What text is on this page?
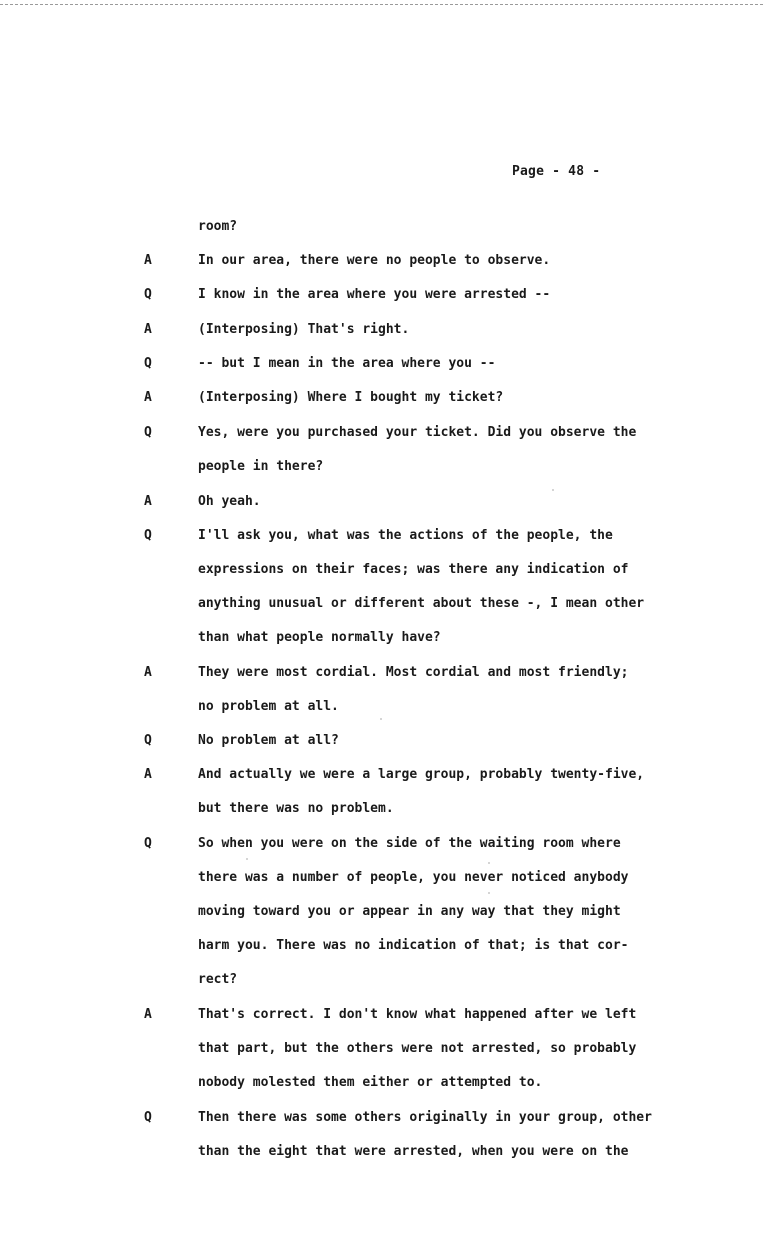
Page - 48 -
room?
A	In our area, there were no people to observe.
Q	I know in the area where you were arrested --
A	(Interposing) That's right.
Q	-- but I mean in the area where you --
A	(Interposing) Where I bought my ticket?
Q	Yes, were you purchased your ticket. Did you observe the
people in there?
A	Oh yeah.
Q	I'll ask you, what was the actions of the people, the
expressions on their faces; was there any indication of
anything unusual or different about these -, I mean other
than what people normally have?
A	They were most cordial. Most cordial and most friendly;
no problem at all.
Q	No problem at all?
A	And actually we were a large group, probably twenty-five,
but there was no problem.
Q	So when you were on the side of the waiting room where
there was a number of people, you never noticed anybody
moving toward you or appear in any way that they might
harm you. There was no indication of that; is that cor-
rect?
A	That's correct. I don't know what happened after we left
that part, but the others were not arrested, so probably
nobody molested them either or attempted to.
Q	Then there was some others originally in your group, other
than the eight that were arrested, when you were on the
